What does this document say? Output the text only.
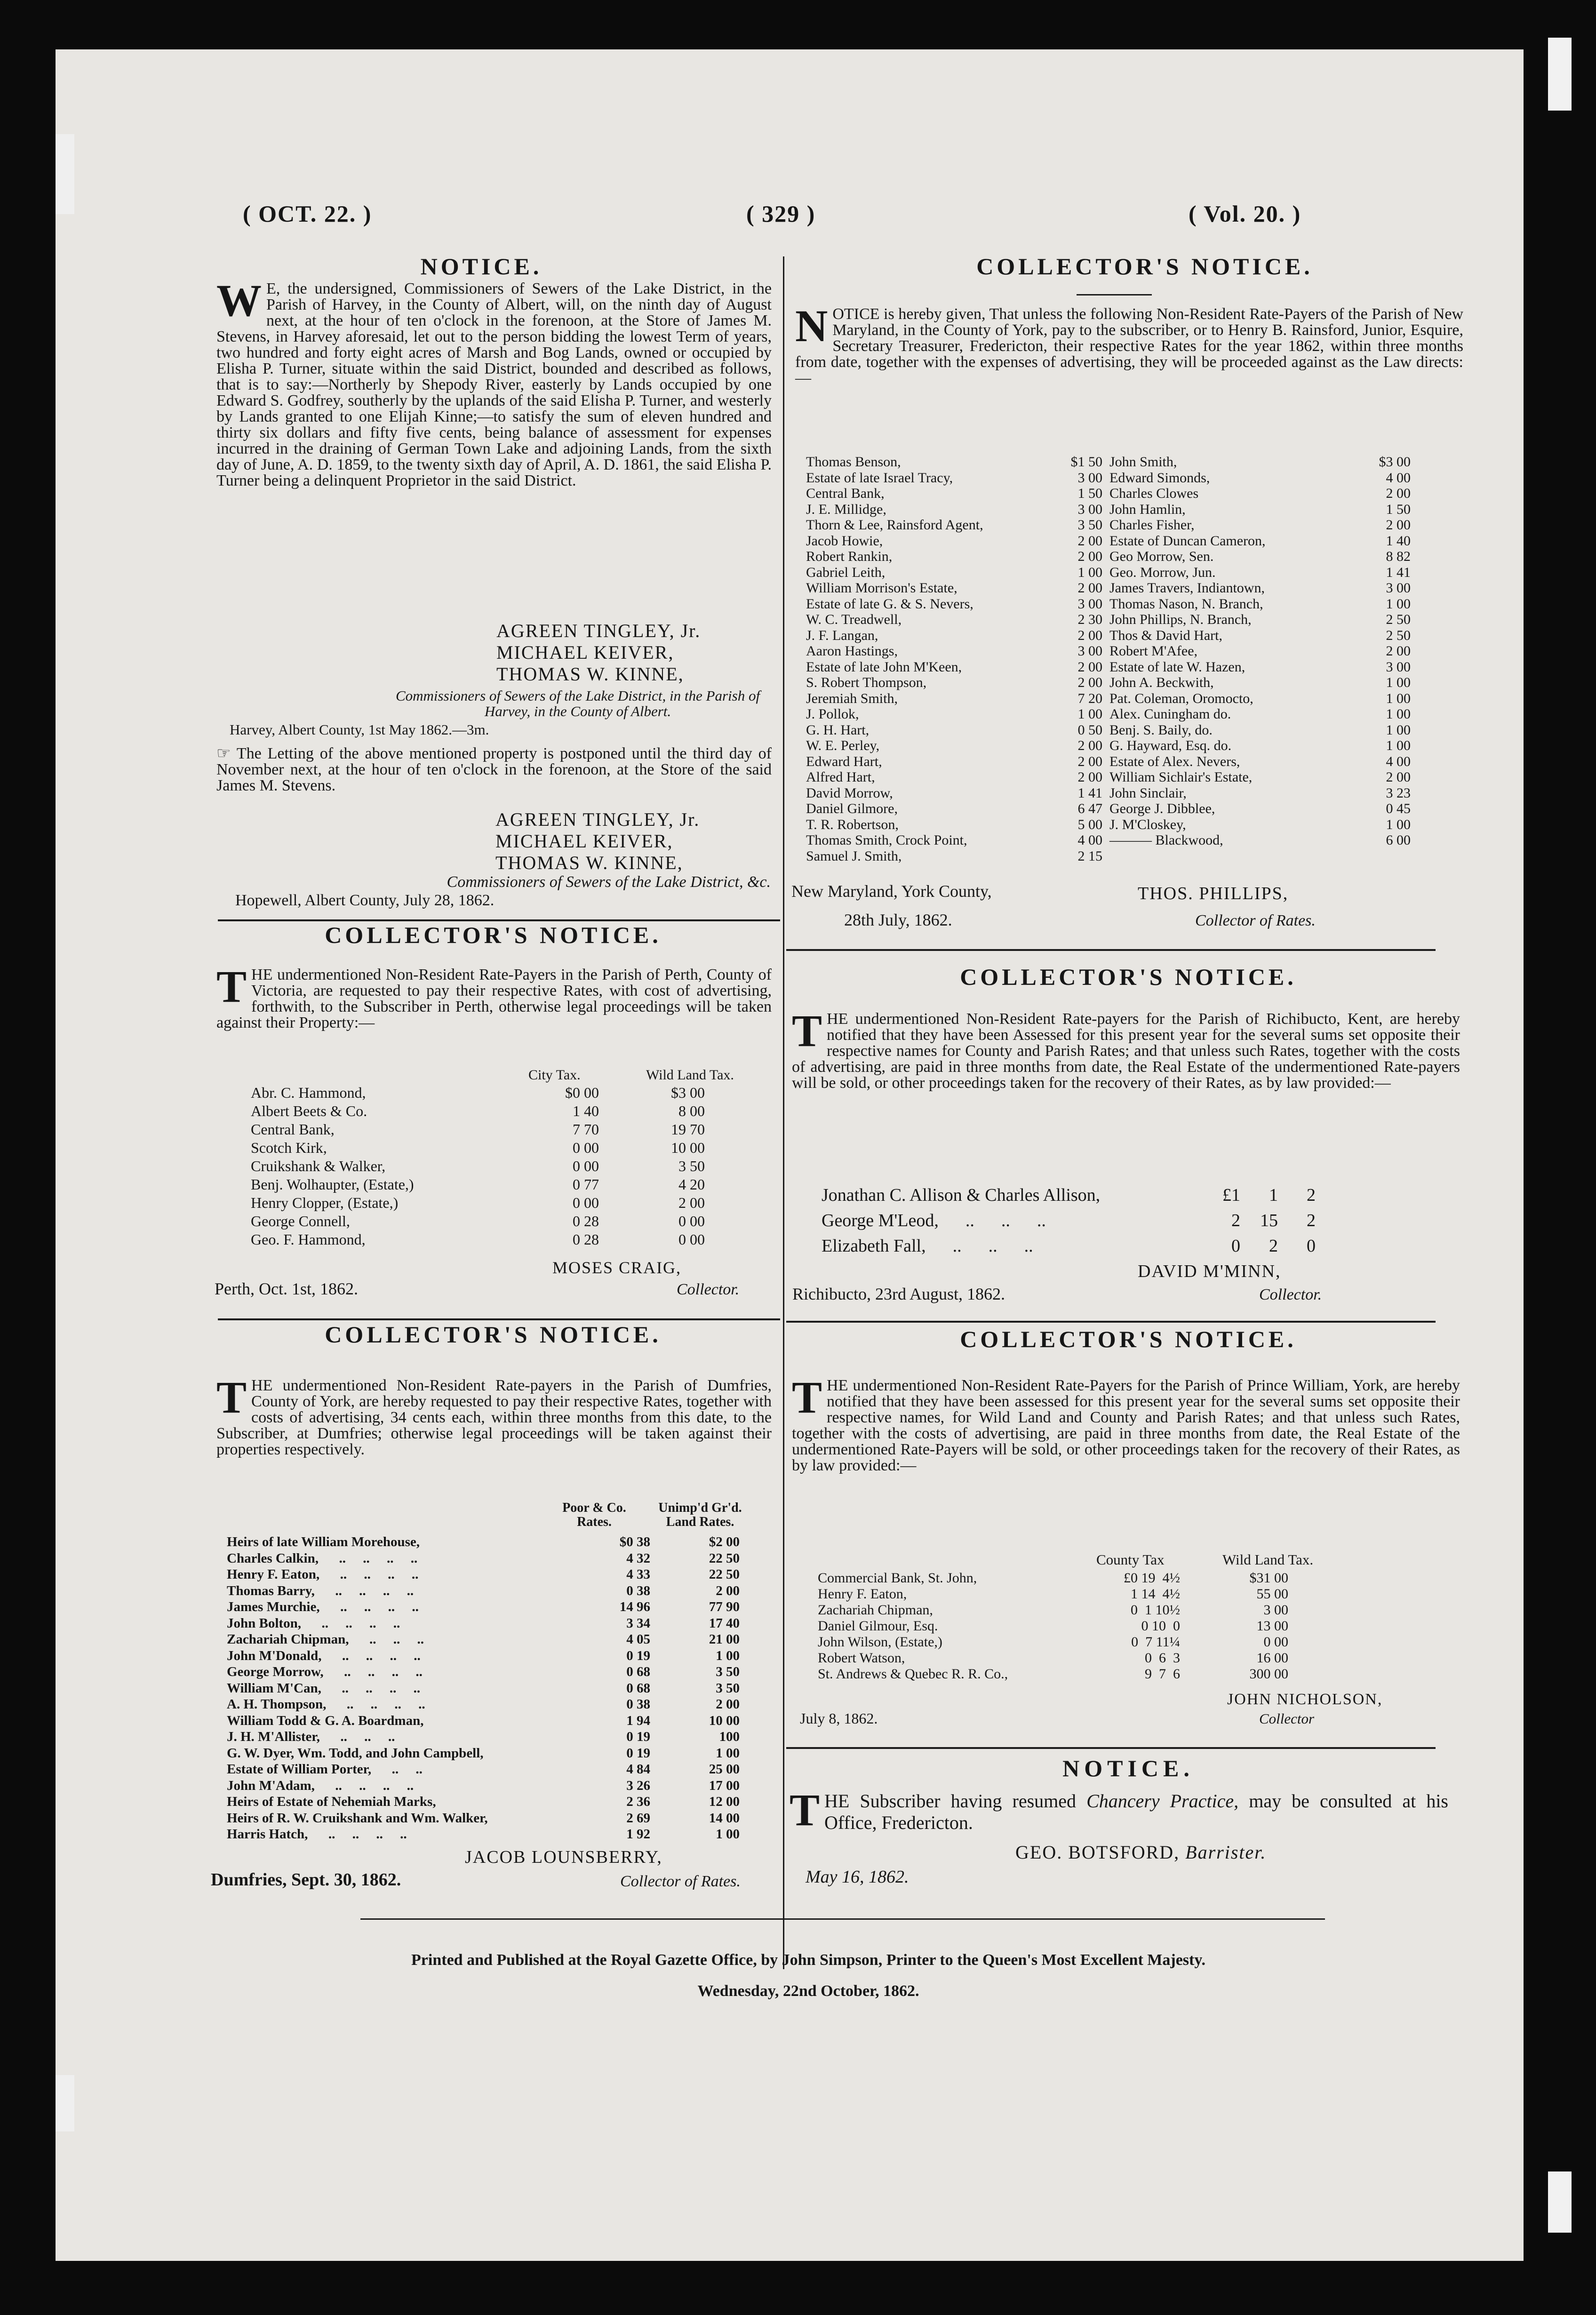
( OCT. 22. )	( 329 )	( Vol. 20. )
NOTICE.
W E, the undersigned, Commissioners of Sewers of the Lake District, in the Parish of Harvey, in the County of Albert, will, on the ninth day of August next, at the hour of ten o'clock in the forenoon, at the Store of James M. Stevens, in Harvey aforesaid, let out to the person bidding the lowest Term of years, two hundred and forty eight acres of Marsh and Bog Lands, owned or occupied by Elisha P. Turner, situate within the said District, bounded and described as follows, that is to say:—Northerly by Shepody River, easterly by Lands occupied by one Edward S. Godfrey, southerly by the uplands of the said Elisha P. Turner, and westerly by Lands granted to one Elijah Kinne;—to satisfy the sum of eleven hundred and thirty six dollars and fifty five cents, being balance of assessment for expenses incurred in the draining of German Town Lake and adjoining Lands, from the sixth day of June, A. D. 1859, to the twenty sixth day of April, A. D. 1861, the said Elisha P. Turner being a delinquent Proprietor in the said District.
AGREEN TINGLEY, Jr.
MICHAEL KEIVER,
THOMAS W. KINNE,
Commissioners of Sewers of the Lake District, in the Parish of Harvey, in the County of Albert.
Harvey, Albert County, 1st May 1862.—3m.
☞ The Letting of the above mentioned property is postponed until the third day of November next, at the hour of ten o'clock in the forenoon, at the Store of the said James M. Stevens.
AGREEN TINGLEY, Jr.
MICHAEL KEIVER,
THOMAS W. KINNE,
Commissioners of Sewers of the Lake District, &c.
Hopewell, Albert County, July 28, 1862.
COLLECTOR'S NOTICE.
THE undermentioned Non-Resident Rate-Payers in the Parish of Perth, County of Victoria, are requested to pay their respective Rates, with cost of advertising, forthwith, to the Subscriber in Perth, otherwise legal proceedings will be taken against their Property:—
City Tax.	Wild Land Tax.
Abr. C. Hammond,	$0 00	$3 00
Albert Beets & Co.	1 40	8 00
Central Bank,	7 70	19 70
Scotch Kirk,	0 00	10 00
Cruikshank & Walker,	0 00	3 50
Benj. Wolhaupter, (Estate,)	0 77	4 20
Henry Clopper, (Estate,)	0 00	2 00
George Connell,	0 28	0 00
Geo. F. Hammond,	0 28	0 00
MOSES CRAIG,
Perth, Oct. 1st, 1862.	Collector.
COLLECTOR'S NOTICE.
THE undermentioned Non-Resident Rate-payers in the Parish of Dumfries, County of York, are hereby requested to pay their respective Rates, together with costs of advertising, 34 cents each, within three months from this date, to the Subscriber, at Dumfries; otherwise legal proceedings will be taken against their properties respectively.
Poor & Co. Rates.
Unimp'd Gr'd. Land Rates.
Heirs of late William Morehouse,	$0 38	$2 00
Charles Calkin,      ..     ..     ..     ..	4 32	22 50
Henry F. Eaton,      ..     ..     ..     ..	4 33	22 50
Thomas Barry,      ..     ..     ..     ..	0 38	2 00
James Murchie,      ..     ..     ..     ..	14 96	77 90
John Bolton,      ..     ..     ..     ..	3 34	17 40
Zachariah Chipman,      ..     ..     ..	4 05	21 00
John M'Donald,      ..     ..     ..     ..	0 19	1 00
George Morrow,      ..     ..     ..     ..	0 68	3 50
William M'Can,      ..     ..     ..     ..	0 68	3 50
A. H. Thompson,      ..     ..     ..     ..	0 38	2 00
William Todd & G. A. Boardman,	1 94	10 00
J. H. M'Allister,      ..     ..     ..	0 19	100
G. W. Dyer, Wm. Todd, and John Campbell,	0 19	1 00
Estate of William Porter,      ..     ..	4 84	25 00
John M'Adam,      ..     ..     ..     ..	3 26	17 00
Heirs of Estate of Nehemiah Marks,	2 36	12 00
Heirs of R. W. Cruikshank and Wm. Walker,	2 69	14 00
Harris Hatch,      ..     ..     ..     ..	1 92	1 00
JACOB LOUNSBERRY,
Dumfries, Sept. 30, 1862.	Collector of Rates.
COLLECTOR'S NOTICE.
NOTICE is hereby given, That unless the following Non-Resident Rate-Payers of the Parish of New Maryland, in the County of York, pay to the subscriber, or to Henry B. Rainsford, Junior, Esquire, Secretary Treasurer, Fredericton, their respective Rates for the year 1862, within three months from date, together with the expenses of advertising, they will be proceeded against as the Law directs:—
Thomas Benson,	$1 50
Estate of late Israel Tracy,	3 00
Central Bank,	1 50
J. E. Millidge,	3 00
Thorn & Lee, Rainsford Agent,	3 50
Jacob Howie,	2 00
Robert Rankin,	2 00
Gabriel Leith,	1 00
William Morrison's Estate,	2 00
Estate of late G. & S. Nevers,	3 00
W. C. Treadwell,	2 30
J. F. Langan,	2 00
Aaron Hastings,	3 00
Estate of late John M'Keen,	2 00
S. Robert Thompson,	2 00
Jeremiah Smith,	7 20
J. Pollok,	1 00
G. H. Hart,	0 50
W. E. Perley,	2 00
Edward Hart,	2 00
Alfred Hart,	2 00
David Morrow,	1 41
Daniel Gilmore,	6 47
T. R. Robertson,	5 00
Thomas Smith, Crock Point,	4 00
Samuel J. Smith,	2 15
John Smith,	$3 00
Edward Simonds,	4 00
Charles Clowes	2 00
John Hamlin,	1 50
Charles Fisher,	2 00
Estate of Duncan Cameron,	1 40
Geo Morrow, Sen.	8 82
Geo. Morrow, Jun.	1 41
James Travers, Indiantown,	3 00
Thomas Nason, N. Branch,	1 00
John Phillips, N. Branch,	2 50
Thos & David Hart,	2 50
Robert M'Afee,	2 00
Estate of late W. Hazen,	3 00
John A. Beckwith,	1 00
Pat. Coleman, Oromocto,	1 00
Alex. Cuningham do.	1 00
Benj. S. Baily, do.	1 00
G. Hayward, Esq. do.	1 00
Estate of Alex. Nevers,	4 00
William Sichlair's Estate,	2 00
John Sinclair,	3 23
George J. Dibblee,	0 45
J. M'Closkey,	1 00
——— Blackwood,	6 00
New Maryland, York County,	THOS. PHILLIPS,
28th July, 1862.	Collector of Rates.
COLLECTOR'S NOTICE.
THE undermentioned Non-Resident Rate-payers for the Parish of Richibucto, Kent, are hereby notified that they have been Assessed for this present year for the several sums set opposite their respective names for County and Parish Rates; and that unless such Rates, together with the costs of advertising, are paid in three months from date, the Real Estate of the undermentioned Rate-payers will be sold, or other proceedings taken for the recovery of their Rates, as by law provided:—
Jonathan C. Allison & Charles Allison,	£1	1	2
George M'Leod,      ..      ..      ..	2	15	2
Elizabeth Fall,      ..      ..      ..	0	2	0
DAVID M'MINN,
Richibucto, 23rd August, 1862.	Collector.
COLLECTOR'S NOTICE.
THE undermentioned Non-Resident Rate-Payers for the Parish of Prince William, York, are hereby notified that they have been assessed for this present year for the several sums set opposite their respective names, for Wild Land and County and Parish Rates; and that unless such Rates, together with the costs of advertising, are paid in three months from date, the Real Estate of the undermentioned Rate-Payers will be sold, or other proceedings taken for the recovery of their Rates, as by law provided:—
County Tax	Wild Land Tax.
Commercial Bank, St. John,	£0 19  4½	$31 00
Henry F. Eaton,	1 14  4½	55 00
Zachariah Chipman,	0  1 10½	3 00
Daniel Gilmour, Esq.	0 10  0	13 00
John Wilson, (Estate,)	0  7 11¼	0 00
Robert Watson,	0  6  3	16 00
St. Andrews & Quebec R. R. Co.,	9  7  6	300 00
JOHN NICHOLSON,
July 8, 1862.	Collector
NOTICE.
THE Subscriber having resumed Chancery Practice, may be consulted at his Office, Fredericton.
GEO. BOTSFORD, Barrister.
May 16, 1862.
Printed and Published at the Royal Gazette Office, by John Simpson, Printer to the Queen's Most Excellent Majesty.
Wednesday, 22nd October, 1862.
